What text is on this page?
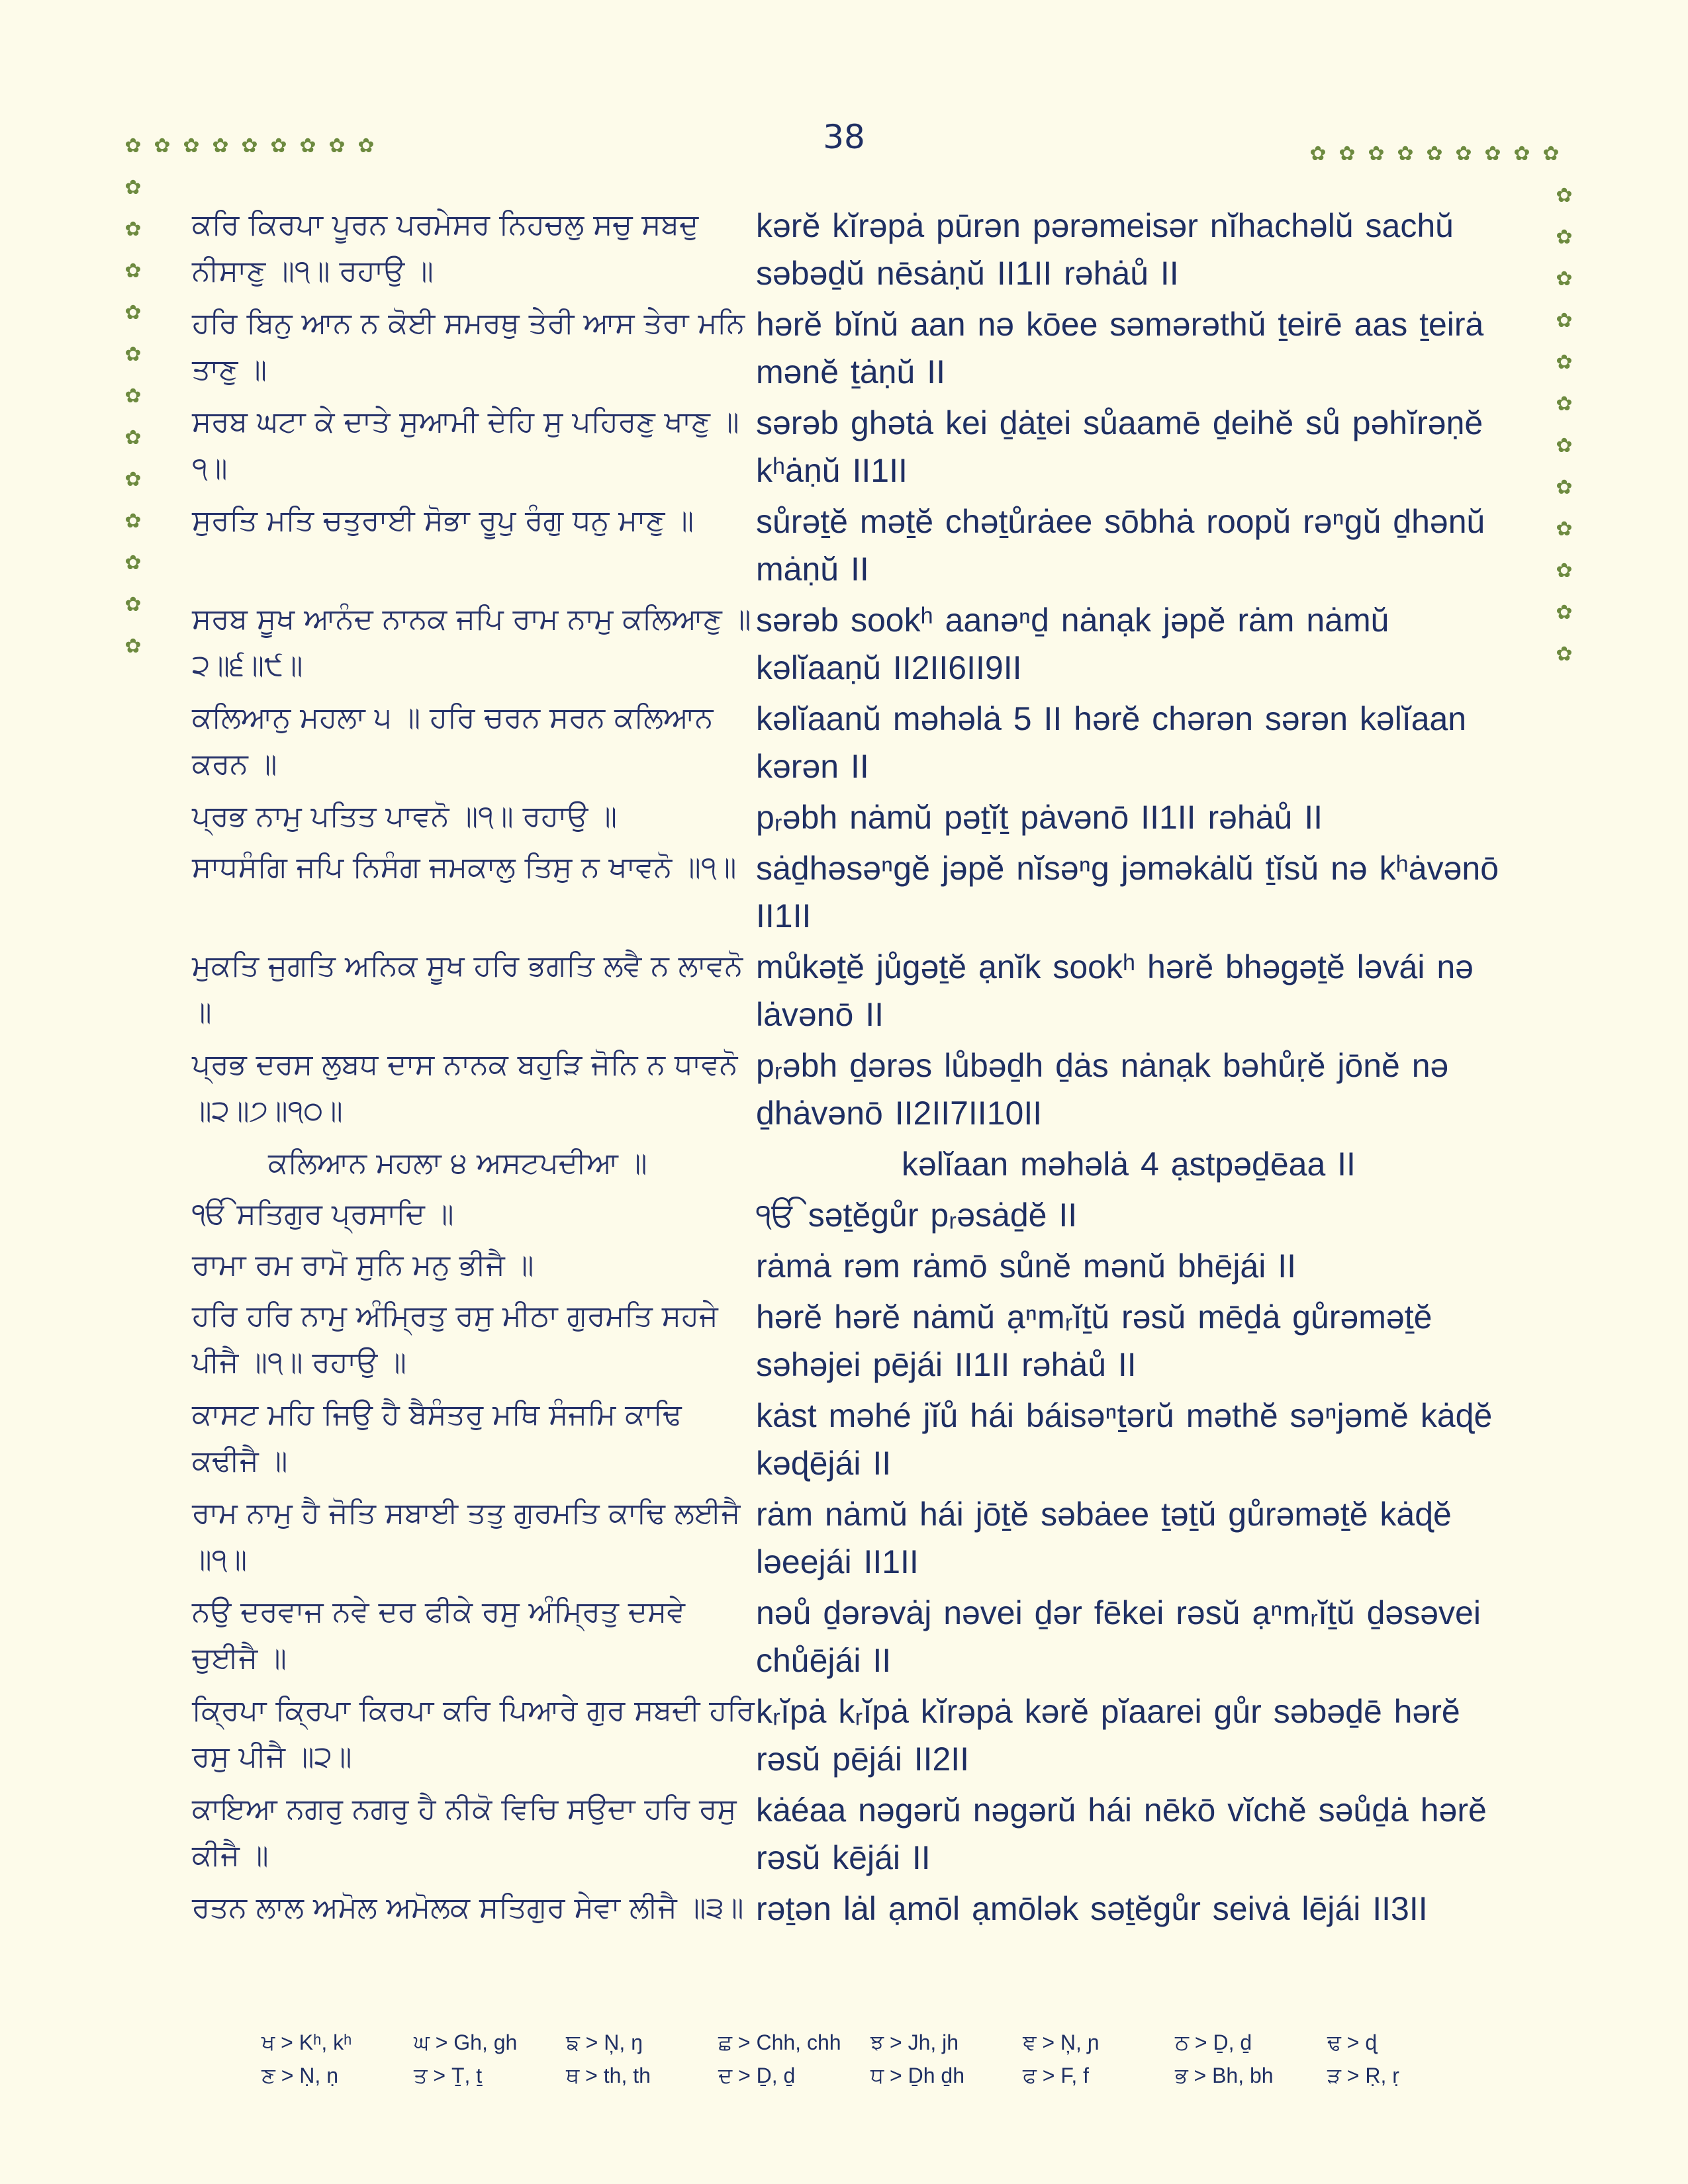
38
✿ ✿ ✿ ✿ ✿ ✿ ✿ ✿ ✿	✿ ✿ ✿ ✿ ✿ ✿ ✿ ✿ ✿
✿
✿
✿
✿
✿
✿
✿
✿
✿
✿
✿
✿
✿
✿
✿
✿
✿
✿
✿
✿
✿
✿
✿
✿
ਕਰਿ ਕਿਰਪਾ ਪੂਰਨ ਪਰਮੇਸਰ ਨਿਹਚਲੁ ਸਚੁ ਸਬਦੁ ਨੀਸਾਣੁ ॥੧॥ ਰਹਾਉ ॥
kərĕ kĭrəpȧ pūrən pərəmeisər nĭhachəlŭ sachŭ səbəḏŭ nēsȧṇŭ II1II rəhȧů II
ਹਰਿ ਬਿਨੁ ਆਨ ਨ ਕੋਈ ਸਮਰਥੁ ਤੇਰੀ ਆਸ ਤੇਰਾ ਮਨਿ ਤਾਣੁ ॥
hərĕ bĭnŭ aan nə kōee səmərəthŭ ṯeirē aas ṯeirȧ mənĕ ṯȧṇŭ II
ਸਰਬ ਘਟਾ ਕੇ ਦਾਤੇ ਸੁਆਮੀ ਦੇਹਿ ਸੁ ਪਹਿਰਣੁ ਖਾਣੁ ॥੧॥
sərəb ghətȧ kei ḏȧṯei sůaamē ḏeihĕ sů pəhĭrəṇĕ kʰȧṇŭ II1II
ਸੁਰਤਿ ਮਤਿ ਚਤੁਰਾਈ ਸੋਭਾ ਰੂਪੁ ਰੰਗੁ ਧਨੁ ਮਾਣੁ ॥	sůrəṯĕ məṯĕ chəṯůrȧee sōbhȧ roopŭ rəⁿgŭ ḏhənŭ mȧṇŭ II
ਸਰਬ ਸੂਖ ਆਨੰਦ ਨਾਨਕ ਜਪਿ ਰਾਮ ਨਾਮੁ ਕਲਿਆਣੁ ॥੨॥੬॥੯॥
sərəb sookʰ aanəⁿḏ nȧnạk jəpĕ rȧm nȧmŭ kəlĭaaṇŭ II2II6II9II
ਕਲਿਆਨੁ ਮਹਲਾ ੫ ॥ ਹਰਿ ਚਰਨ ਸਰਨ ਕਲਿਆਨ ਕਰਨ ॥
kəlĭaanŭ məhəlȧ 5 II hərĕ chərən sərən kəlĭaan kərən II
ਪ੍ਰਭ ਨਾਮੁ ਪਤਿਤ ਪਾਵਨੋ ॥੧॥ ਰਹਾਉ ॥	pᵣəbh nȧmŭ pəṯĭṯ pȧvənō II1II rəhȧů II
ਸਾਧਸੰਗਿ ਜਪਿ ਨਿਸੰਗ ਜਮਕਾਲੁ ਤਿਸੁ ਨ ਖਾਵਨੋ ॥੧॥ sȧḏhəsəⁿgĕ jəpĕ nĭsəⁿg jəməkȧlŭ ṯĭsŭ nə kʰȧvənō II1II
ਮੁਕਤਿ ਜੁਗਤਿ ਅਨਿਕ ਸੂਖ ਹਰਿ ਭਗਤਿ ਲਵੈ ਨ ਲਾਵਨੋ ॥
můkəṯĕ jůgəṯĕ ạnĭk sookʰ hərĕ bhəgəṯĕ ləvái nə lȧvənō II
ਪ੍ਰਭ ਦਰਸ ਲੁਬਧ ਦਾਸ ਨਾਨਕ ਬਹੁੜਿ ਜੋਨਿ ਨ ਧਾਵਨੋ ॥੨॥੭॥੧੦॥
pᵣəbh ḏərəs lůbəḏh ḏȧs nȧnạk bəhůṛĕ jōnĕ nə ḏhȧvənō II2II7II10II
ਕਲਿਆਨ ਮਹਲਾ ੪ ਅਸਟਪਦੀਆ ॥	kəlĭaan məhəlȧ 4 ạstpəḏēaa II
ੴ ਸਤਿਗੁਰ ਪ੍ਰਸਾਦਿ ॥	ੴ səṯĕgůr pᵣəsȧḏĕ II
ਰਾਮਾ ਰਮ ਰਾਮੋ ਸੁਨਿ ਮਨੁ ਭੀਜੈ ॥	rȧmȧ rəm rȧmō sůnĕ mənŭ bhējái II
ਹਰਿ ਹਰਿ ਨਾਮੁ ਅੰਮ੍ਰਿਤੁ ਰਸੁ ਮੀਠਾ ਗੁਰਮਤਿ ਸਹਜੇ ਪੀਜੈ ॥੧॥ ਰਹਾਉ ॥
hərĕ hərĕ nȧmŭ ạⁿmᵣĭṯŭ rəsŭ mēḏȧ gůrəməṯĕ səhəjei pējái II1II rəhȧů II
ਕਾਸਟ ਮਹਿ ਜਿਉ ਹੈ ਬੈਸੰਤਰੁ ਮਥਿ ਸੰਜਮਿ ਕਾਢਿ ਕਢੀਜੈ ॥
kȧst məhé jĭů hái báisəⁿṯərŭ məthĕ səⁿjəmĕ kȧɖĕ kəɖējái II
ਰਾਮ ਨਾਮੁ ਹੈ ਜੋਤਿ ਸਬਾਈ ਤਤੁ ਗੁਰਮਤਿ ਕਾਢਿ ਲਈਜੈ ॥੧॥
rȧm nȧmŭ hái jōṯĕ səbȧee ṯəṯŭ gůrəməṯĕ kȧɖĕ ləeejái II1II
ਨਉ ਦਰਵਾਜ ਨਵੇ ਦਰ ਫੀਕੇ ਰਸੁ ਅੰਮ੍ਰਿਤੁ ਦਸਵੇ ਚੁਈਜੈ ॥
nəů ḏərəvȧj nəvei ḏər fēkei rəsŭ ạⁿmᵣĭṯŭ ḏəsəvei chůējái II
ਕ੍ਰਿਪਾ ਕ੍ਰਿਪਾ ਕਿਰਪਾ ਕਰਿ ਪਿਆਰੇ ਗੁਰ ਸਬਦੀ ਹਰਿ ਰਸੁ ਪੀਜੈ ॥੨॥
kᵣĭpȧ kᵣĭpȧ kĭrəpȧ kərĕ pĭaarei gůr səbəḏē hərĕ rəsŭ pējái II2II
ਕਾਇਆ ਨਗਰੁ ਨਗਰੁ ਹੈ ਨੀਕੋ ਵਿਚਿ ਸਉਦਾ ਹਰਿ ਰਸੁ ਕੀਜੈ ॥
kȧéaa nəgərŭ nəgərŭ hái nēkō vĭchĕ səůḏȧ hərĕ rəsŭ kējái II
ਰਤਨ ਲਾਲ ਅਮੋਲ ਅਮੋਲਕ ਸਤਿਗੁਰ ਸੇਵਾ ਲੀਜੈ ॥੩॥ rəṯən lȧl ạmōl ạmōlək səṯĕgůr seivȧ lējái II3II
ਖ > Kʰ, kʰ	ਘ > Gh, gh	ਙ > N̦, ŋ	ਛ > Chh, chh	ਝ > Jh, jh	ਞ > N̦, ɲ	ਠ > Ḏ, ḏ	ਢ > ɖ
ਣ > Ṇ, ṇ	ਤ > Ṯ, ṯ	ਥ > th, th	ਦ > Ḏ, ḏ	ਧ > Ḏh ḏh	ਫ > F, f	ਭ > Bh, bh	ੜ > Ṛ, ṛ
